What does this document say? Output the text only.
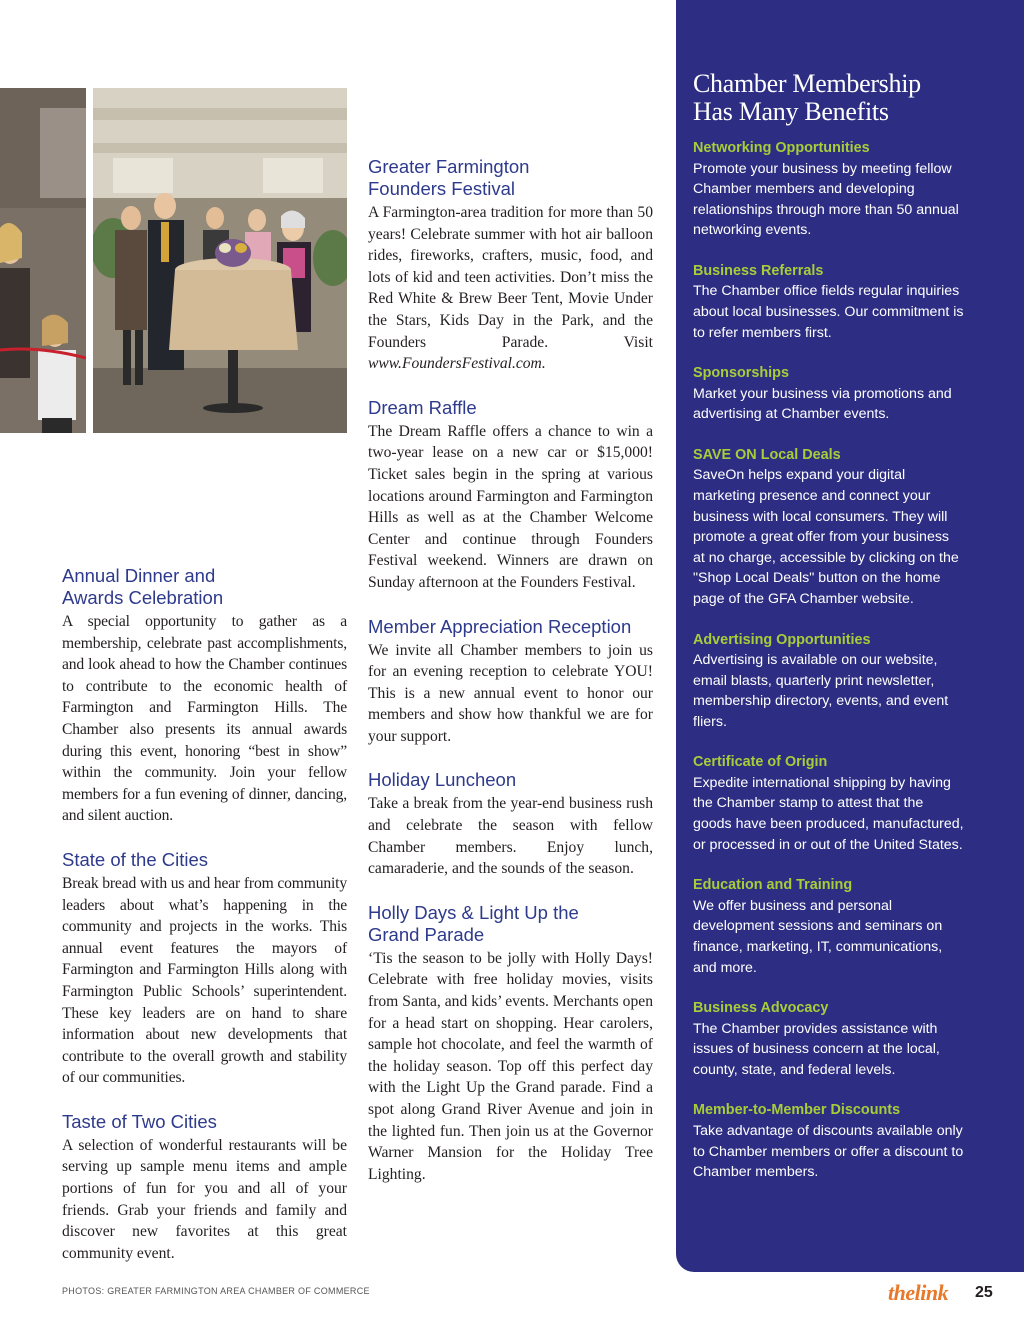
Annual Dinner and
Awards Celebration

A special opportunity to gather as a membership, celebrate past accomplishments, and look ahead to how the Chamber continues to contribute to the economic health of Farmington and Farmington Hills. The Chamber also presents its annual awards during this event, honoring “best in show” within the community. Join your fellow members for a fun evening of dinner, dancing, and silent auction.

State of the Cities

Break bread with us and hear from community leaders about what’s happening in the community and projects in the works. This annual event features the mayors of Farmington and Farmington Hills along with Farmington Public Schools’ superintendent. These key leaders are on hand to share information about new developments that contribute to the overall growth and stability of our communities.

Taste of Two Cities

A selection of wonderful restaurants will be serving up sample menu items and ample portions of fun for you and all of your friends. Grab your friends and family and discover new favorites at this great community event.

Greater Farmington
Founders Festival

A Farmington-area tradition for more than 50 years! Celebrate summer with hot air balloon rides, fireworks, crafters, music, food, and lots of kid and teen activities. Don’t miss the Red White & Brew Beer Tent, Movie Under the Stars, Kids Day in the Park, and the Founders Parade. Visit www.FoundersFestival.com.

Dream Raffle

The Dream Raffle offers a chance to win a two-year lease on a new car or $15,000! Ticket sales begin in the spring at various locations around Farmington and Farmington Hills as well as at the Chamber Welcome Center and continue through Founders Festival weekend. Winners are drawn on Sunday afternoon at the Founders Festival.

Member Appreciation Reception

We invite all Chamber members to join us for an evening reception to celebrate YOU! This is a new annual event to honor our members and show how thankful we are for your support.

Holiday Luncheon

Take a break from the year-end business rush and celebrate the season with fellow Chamber members. Enjoy lunch, camaraderie, and the sounds of the season.

Holly Days & Light Up the
Grand Parade

‘Tis the season to be jolly with Holly Days! Celebrate with free holiday movies, visits from Santa, and kids’ events. Merchants open for a head start on shopping. Hear carolers, sample hot chocolate, and feel the warmth of the holiday season. Top off this perfect day with the Light Up the Grand parade. Find a spot along Grand River Avenue and join in the lighted fun. Then join us at the Governor Warner Mansion for the Holiday Tree Lighting.

Chamber Membership
Has Many Benefits
Networking Opportunities
Promote your business by meeting fellow Chamber members and developing relationships through more than 50 annual networking events.
Business Referrals
The Chamber office fields regular inquiries about local businesses. Our commitment is to refer members first.
Sponsorships
Market your business via promotions and advertising at Chamber events.
SAVE ON Local Deals
SaveOn helps expand your digital marketing presence and connect your business with local consumers. They will promote a great offer from your business at no charge, accessible by clicking on the "Shop Local Deals" button on the home page of the GFA Chamber website.
Advertising Opportunities
Advertising is available on our website, email blasts, quarterly print newsletter, membership directory, events, and event fliers.
Certificate of Origin
Expedite international shipping by having the Chamber stamp to attest that the goods have been produced, manufactured, or processed in or out of the United States.
Education and Training
We offer business and personal development sessions and seminars on finance, marketing, IT, communications, and more.
Business Advocacy
The Chamber provides assistance with issues of business concern at the local, county, state, and federal levels.
Member-to-Member Discounts
Take advantage of discounts available only to Chamber members or offer a discount to Chamber members.
PHOTOS: GREATER FARMINGTON AREA CHAMBER OF COMMERCE	thelink 25
